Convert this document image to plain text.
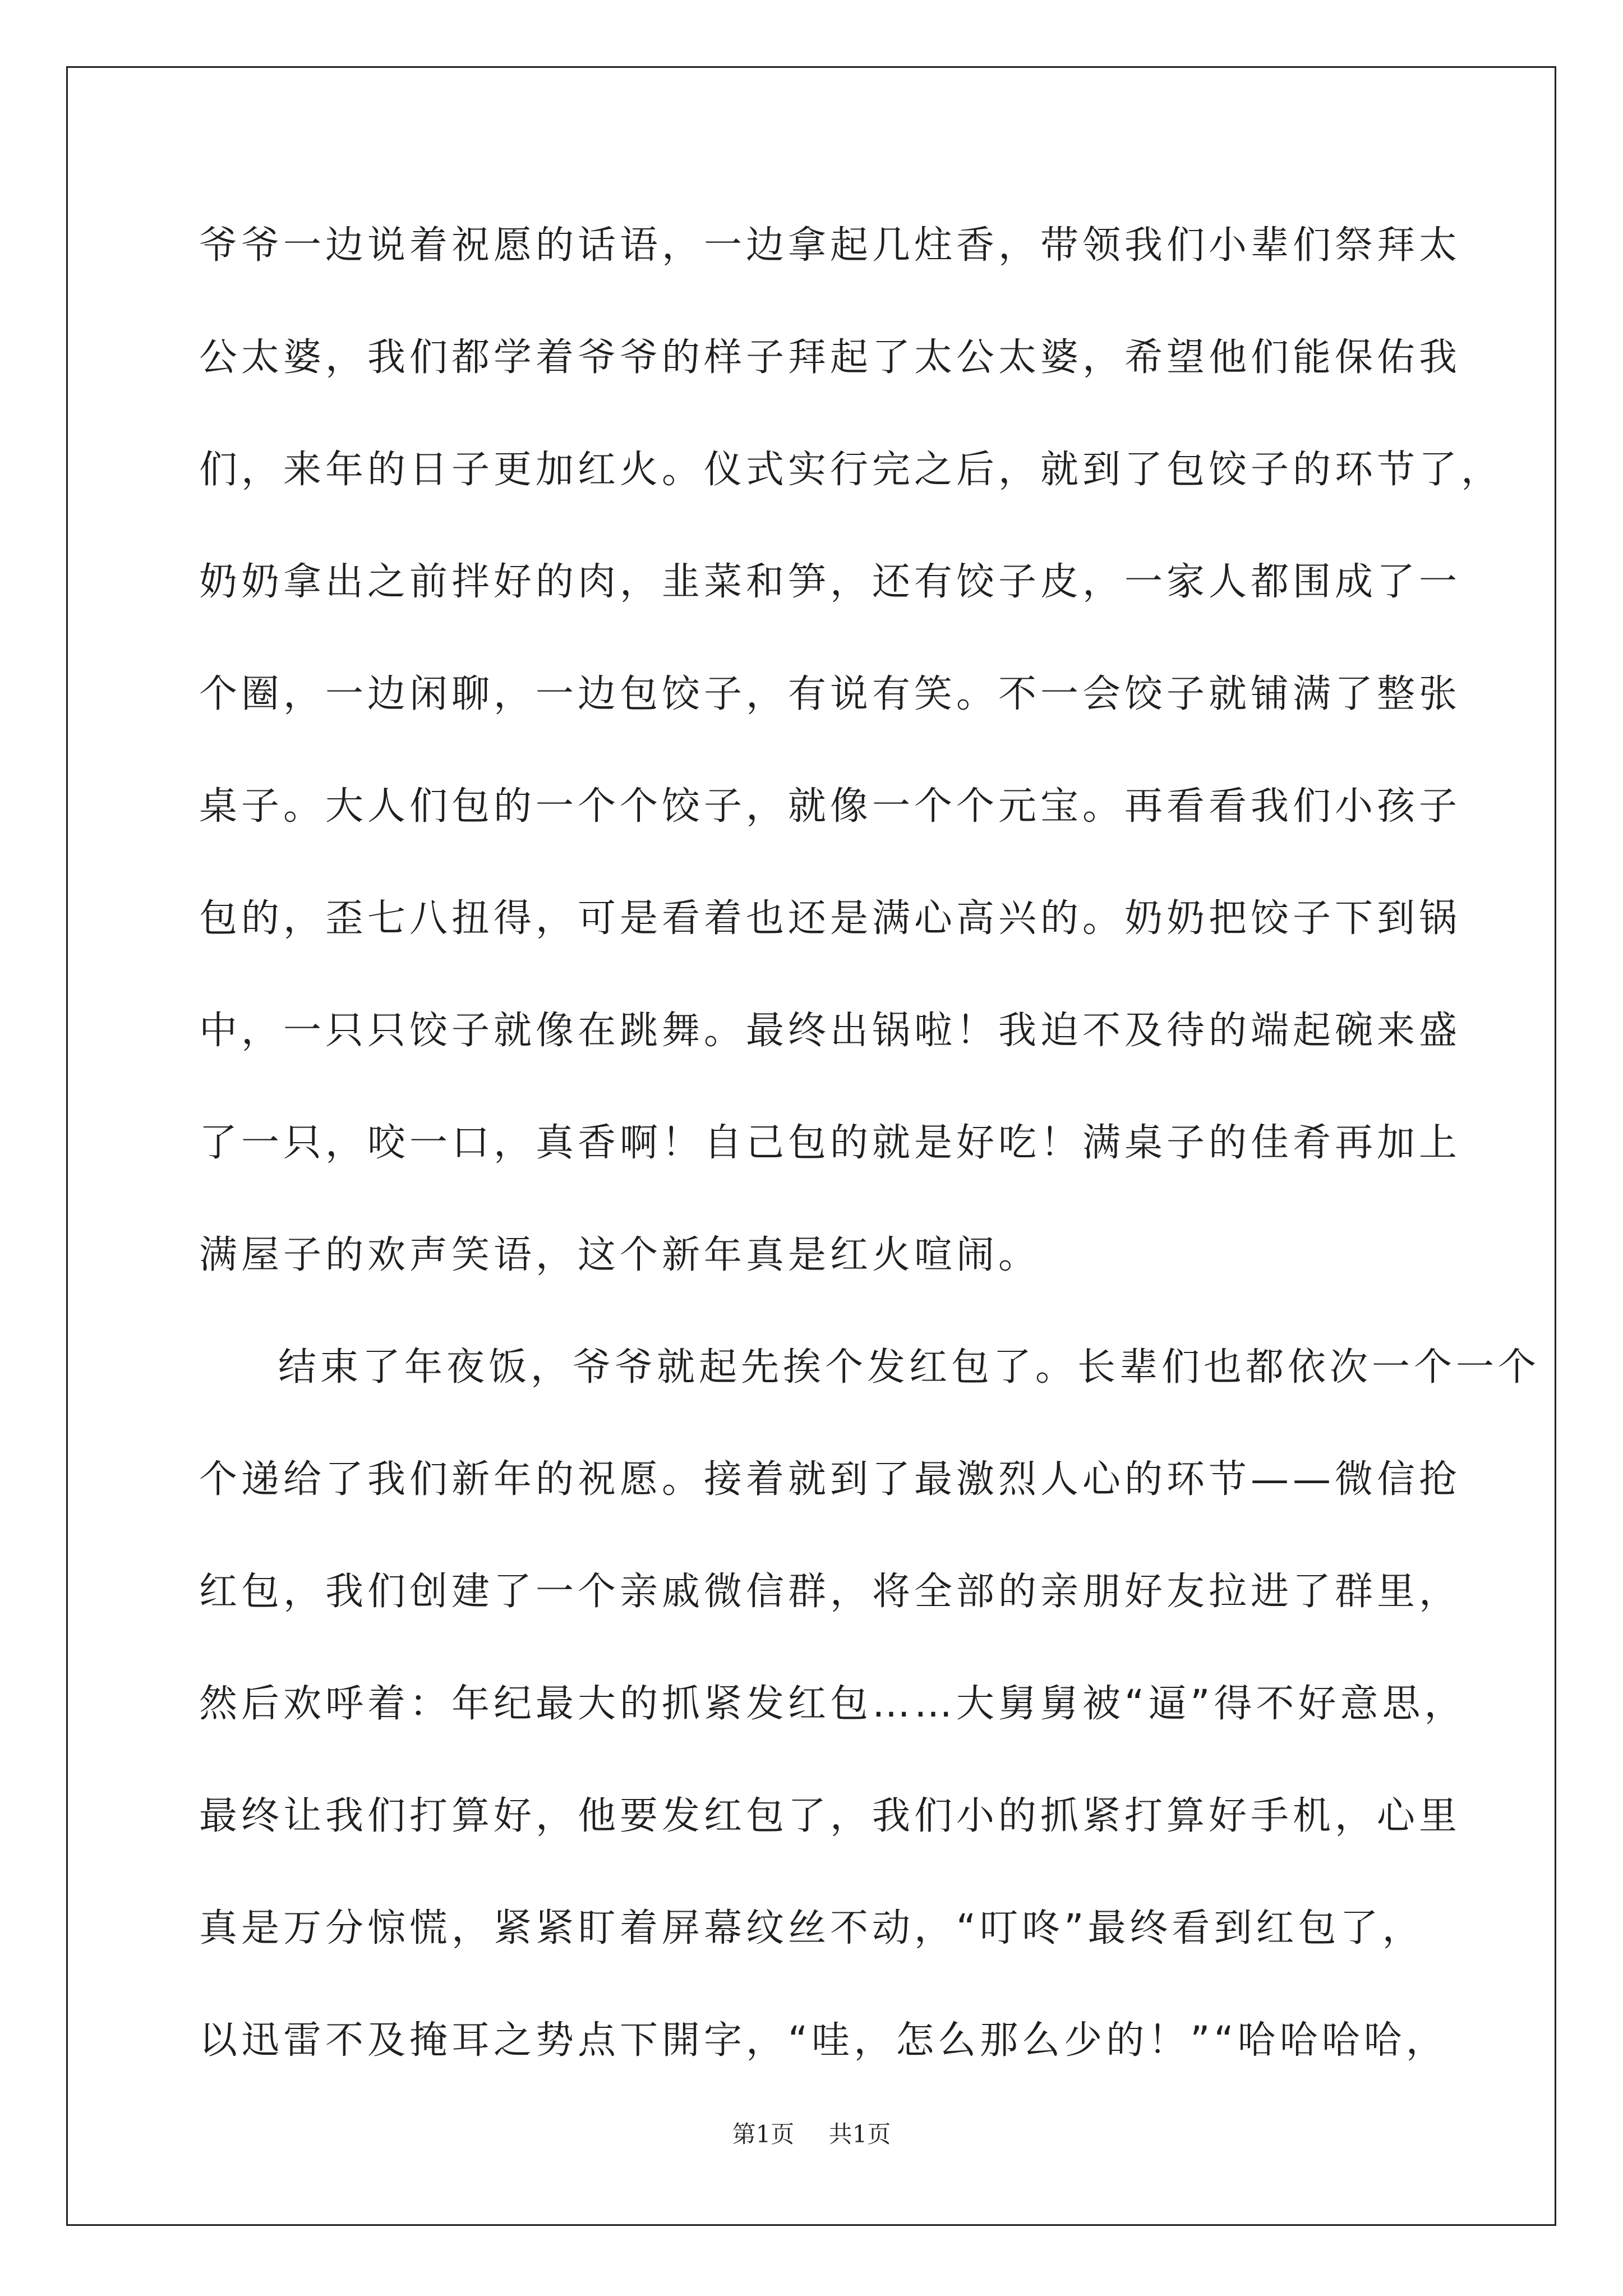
爷爷一边说着祝愿的话语，一边拿起几炷香，带领我们小辈们祭拜太
公太婆，我们都学着爷爷的样子拜起了太公太婆，希望他们能保佑我
们，来年的日子更加红火。仪式实行完之后，就到了包饺子的环节了，
奶奶拿出之前拌好的肉，韭菜和笋，还有饺子皮，一家人都围成了一
个圈，一边闲聊，一边包饺子，有说有笑。不一会饺子就铺满了整张
桌子。大人们包的一个个饺子，就像一个个元宝。再看看我们小孩子
包的，歪七八扭得，可是看着也还是满心高兴的。奶奶把饺子下到锅
中，一只只饺子就像在跳舞。最终出锅啦！我迫不及待的端起碗来盛
了一只，咬一口，真香啊！自己包的就是好吃！满桌子的佳肴再加上
满屋子的欢声笑语，这个新年真是红火喧闹。
结束了年夜饭，爷爷就起先挨个发红包了。长辈们也都依次一个一个
个递给了我们新年的祝愿。接着就到了最激烈人心的环节——微信抢
红包，我们创建了一个亲戚微信群，将全部的亲朋好友拉进了群里，
然后欢呼着：年纪最大的抓紧发红包……大舅舅被“逼”得不好意思，
最终让我们打算好，他要发红包了，我们小的抓紧打算好手机，心里
真是万分惊慌，紧紧盯着屏幕纹丝不动，“叮咚”最终看到红包了，
以迅雷不及掩耳之势点下開字，“哇，怎么那么少的！”“哈哈哈哈，
第1页 共1页
